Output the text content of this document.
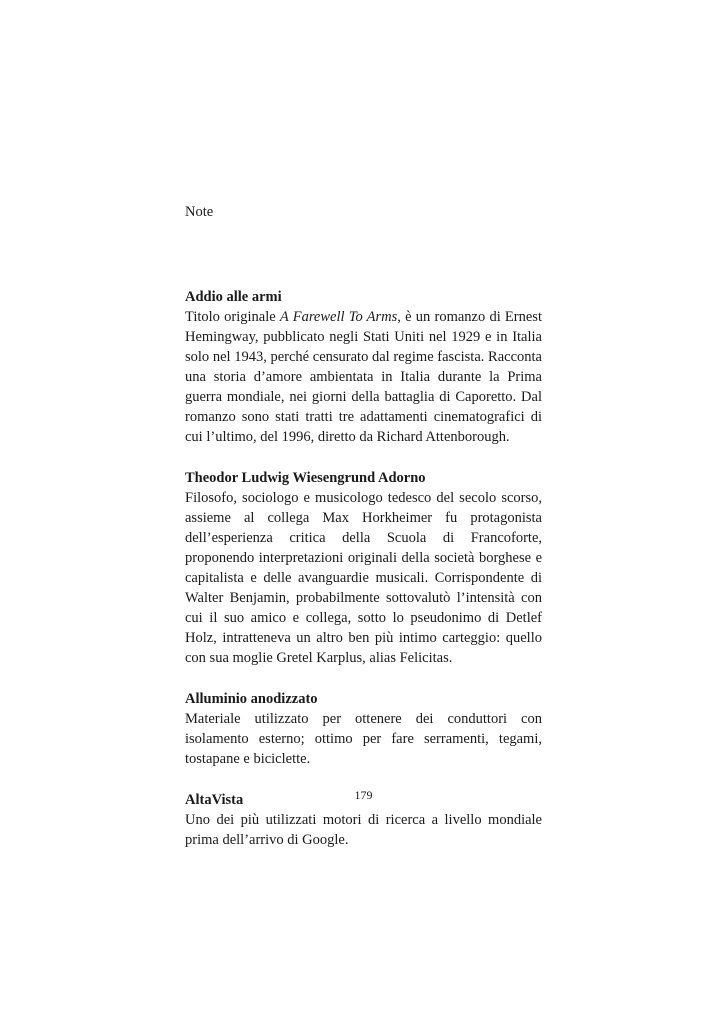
Note

Addio alle armi

Titolo originale A Farewell To Arms, è un romanzo di Ernest Hemingway, pubblicato negli Stati Uniti nel 1929 e in Italia solo nel 1943, perché censurato dal regime fascista. Racconta una storia d’amore ambientata in Italia durante la Prima guerra mondiale, nei giorni della battaglia di Caporetto. Dal romanzo sono stati tratti tre adattamenti cinematografici di cui l’ultimo, del 1996, diretto da Richard Attenborough.

Theodor Ludwig Wiesengrund Adorno

Filosofo, sociologo e musicologo tedesco del secolo scorso, assieme al collega Max Horkheimer fu protagonista dell’esperienza critica della Scuola di Francoforte, proponendo interpretazioni originali della società borghese e capitalista e delle avanguardie musicali. Corrispondente di Walter Benjamin, probabilmente sottovalutò l’intensità con cui il suo amico e collega, sotto lo pseudonimo di Detlef Holz, intratteneva un altro ben più intimo carteggio: quello con sua moglie Gretel Karplus, alias Felicitas.

Alluminio anodizzato

Materiale utilizzato per ottenere dei conduttori con isolamento esterno; ottimo per fare serramenti, tegami, tostapane e biciclette.

AltaVista

Uno dei più utilizzati motori di ricerca a livello mondiale prima dell’arrivo di Google.

179
